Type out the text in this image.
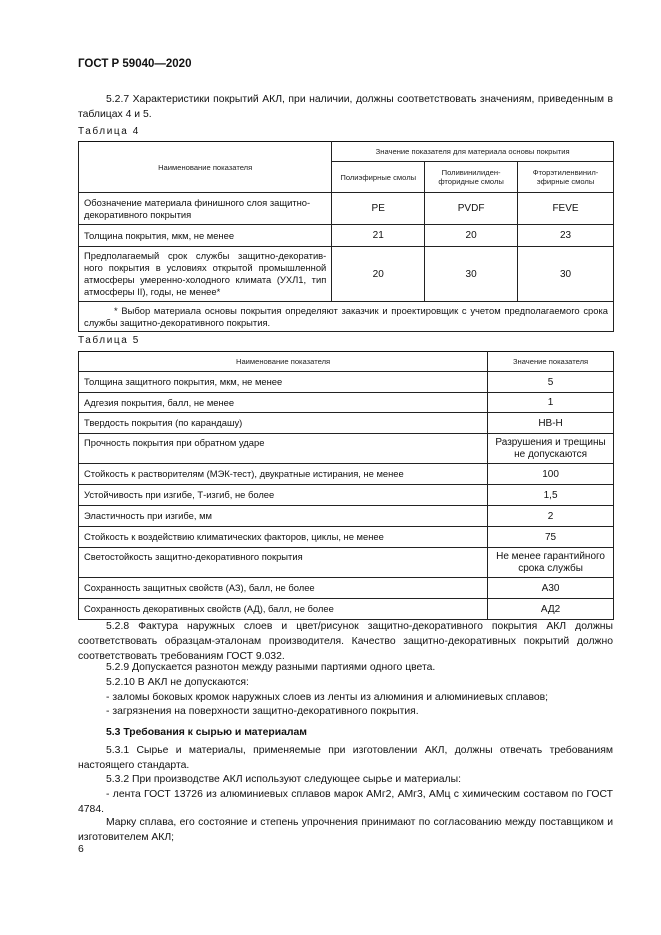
ГОСТ Р 59040—2020
5.2.7 Характеристики покрытий АКЛ, при наличии, должны соответствовать значениям, приведенным в таблицах 4 и 5.
Таблица 4
Наименование показателя	Значение показателя для материала основы покрытия		
	Полиэфирные смолы	Поливинилиден-фторидные смолы	Фторэтиленвинил-эфирные смолы
Обозначение материала финишного слоя защитно-декоративного покрытия	PE	PVDF	FEVE
Толщина покрытия, мкм, не менее	21	20	23
Предполагаемый срок службы защитно-декоратив-ного покрытия в условиях открытой промышленной атмосферы умеренно-холодного климата (УХЛ1, тип атмосферы II), годы, не менее*	20	30	30
* Выбор материала основы покрытия определяют заказчик и проектировщик с учетом предполагаемого срока службы защитно-декоративного покрытия.			
Таблица 5
Наименование показателя	Значение показателя
Толщина защитного покрытия, мкм, не менее	5
Адгезия покрытия, балл, не менее	1
Твердость покрытия (по карандашу)	НВ-Н
Прочность покрытия при обратном ударе	Разрушения и трещины не допускаются
Стойкость к растворителям (МЭК-тест), двукратные истирания, не менее	100
Устойчивость при изгибе, Т-изгиб, не более	1,5
Эластичность при изгибе, мм	2
Стойкость к воздействию климатических факторов, циклы, не менее	75
Светостойкость защитно-декоративного покрытия	Не менее гарантийного срока службы
Сохранность защитных свойств (АЗ), балл, не более	А30
Сохранность декоративных свойств (АД), балл, не более	АД2
5.2.8 Фактура наружных слоев и цвет/рисунок защитно-декоративного покрытия АКЛ должны соответствовать образцам-эталонам производителя. Качество защитно-декоративных покрытий должно соответствовать требованиям ГОСТ 9.032.
5.2.9 Допускается разнотон между разными партиями одного цвета.
5.2.10 В АКЛ не допускаются:
- заломы боковых кромок наружных слоев из ленты из алюминия и алюминиевых сплавов;
- загрязнения на поверхности защитно-декоративного покрытия.
5.3 Требования к сырью и материалам
5.3.1 Сырье и материалы, применяемые при изготовлении АКЛ, должны отвечать требованиям настоящего стандарта.
5.3.2 При производстве АКЛ используют следующее сырье и материалы:
- лента ГОСТ 13726 из алюминиевых сплавов марок АМг2, АМг3, АМц с химическим составом по ГОСТ 4784.
Марку сплава, его состояние и степень упрочнения принимают по согласованию между поставщиком и изготовителем АКЛ;
6
